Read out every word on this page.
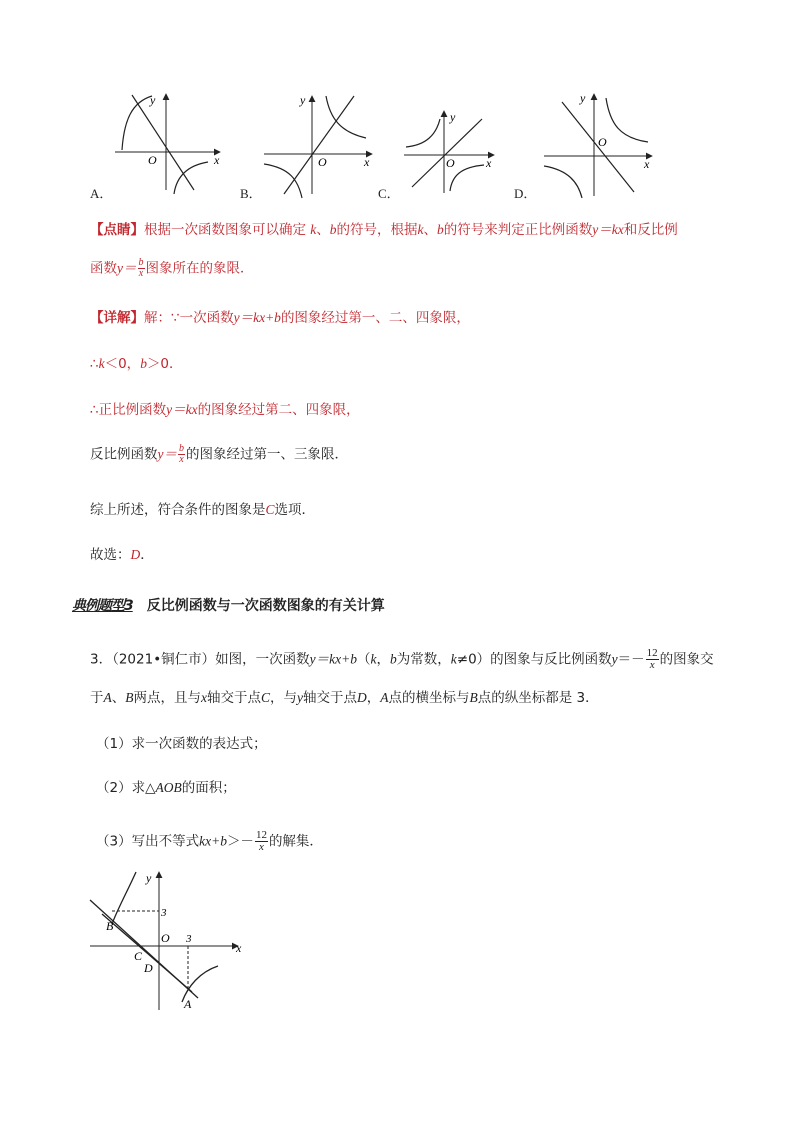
y
x
O
A．
y
x
O
B．
y
x
O
C．
y
x
O
D．
【点睛】根据一次函数图象可以确定 k、b的符号，根据k、b的符号来判定正比例函数y＝kx和反比例
函数$y= \frac{b}{x}$ 图象所在的象限．
【详解】解：∵一次函数y＝kx+b的图象经过第一、二、四象限，
∴k＜0，b＞0．
∴正比例函数y＝kx的图象经过第二、四象限，
反比例函数$y= \frac{b}{x}$ 的图象经过第一、三象限．
综上所述，符合条件的图象是C选项．
故选：D．
典例题型3 反比例函数与一次函数图象的有关计算
3．（2021•铜仁市）如图，一次函数y＝kx+b（k，b为常数，k≠0）的图象与反比例函数$y=- \frac{12}{x}$ 的图象交
于A、B两点，且与x轴交于点C，与y轴交于点D，A点的横坐标与B点的纵坐标都是 3．
（1）求一次函数的表达式；
（2）求△AOB的面积；
（3）写出不等式$kx+b>- \frac{12}{x}$ 的解集．
y
x
O
B
C
D
A
3
3
